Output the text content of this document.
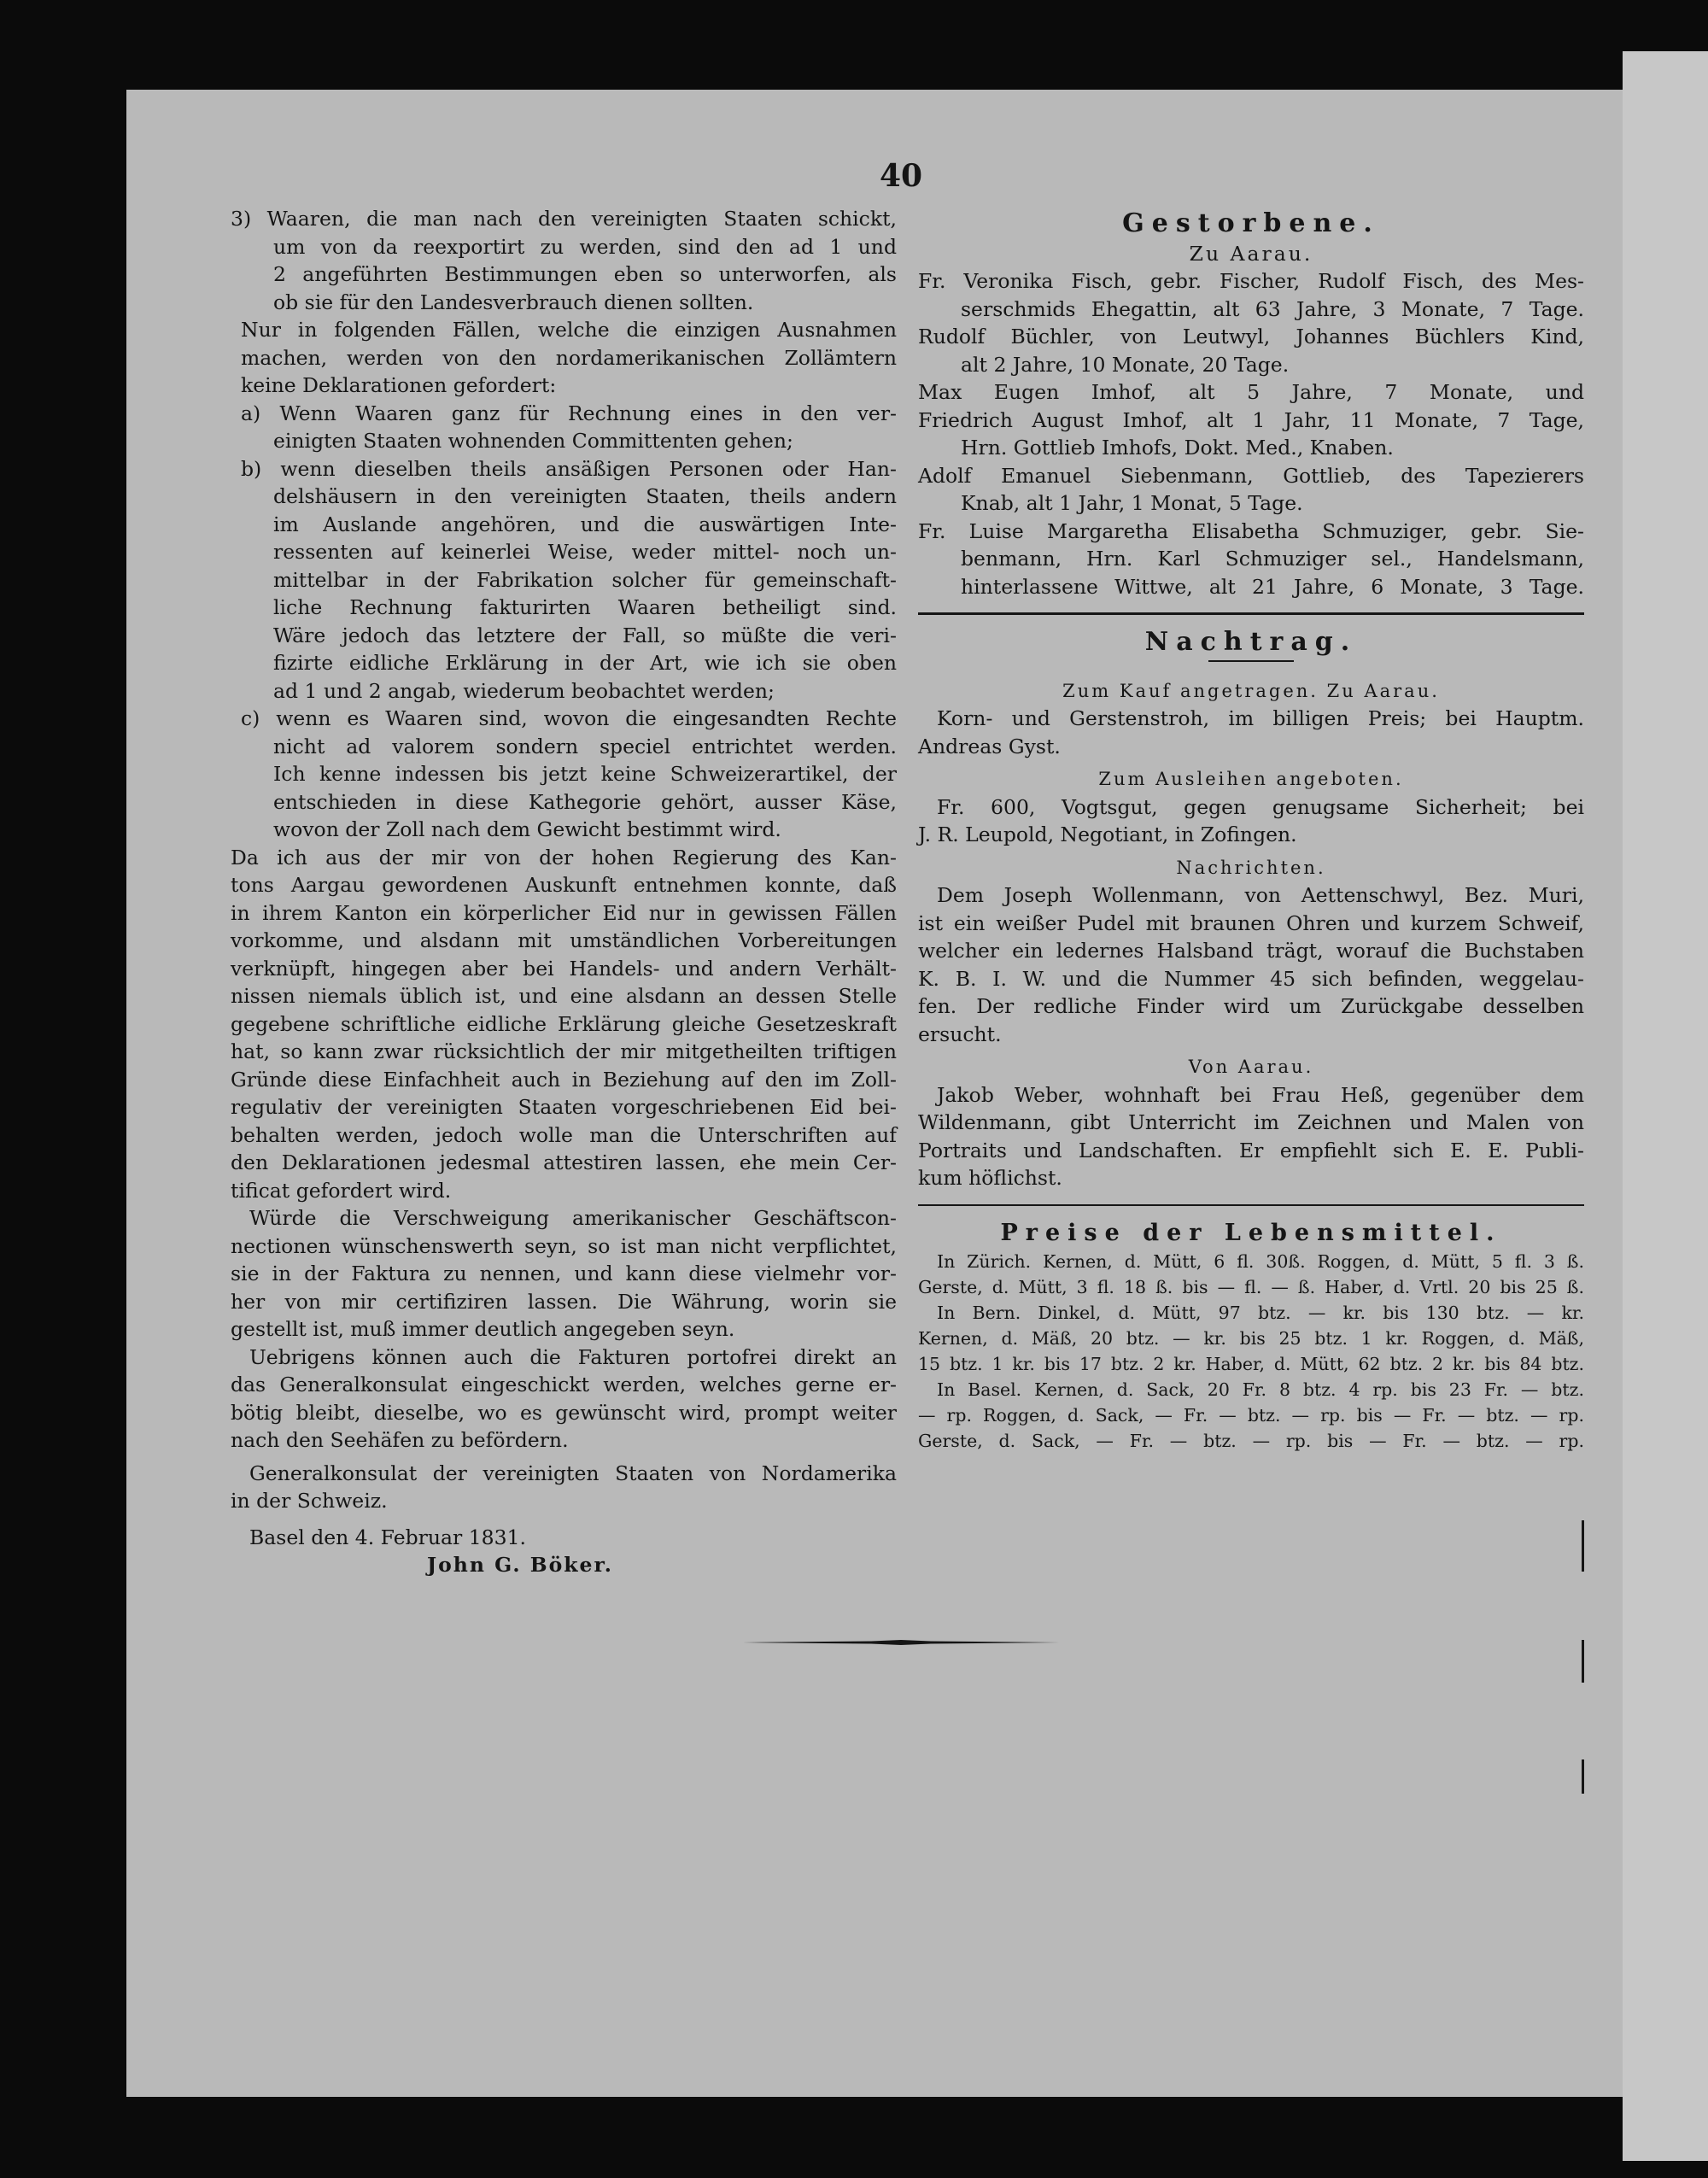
40

3) Waaren, die man nach den vereinigten Staaten schickt,

um von da reexportirt zu werden, sind den ad 1 und

2 angeführten Bestimmungen eben so unterworfen, als

ob sie für den Landesverbrauch dienen sollten.

Nur in folgenden Fällen, welche die einzigen Ausnahmen

machen, werden von den nordamerikanischen Zollämtern

keine Deklarationen gefordert:

a) Wenn Waaren ganz für Rechnung eines in den ver-

einigten Staaten wohnenden Committenten gehen;

b) wenn dieselben theils ansäßigen Personen oder Han-

delshäusern in den vereinigten Staaten, theils andern

im Auslande angehören, und die auswärtigen Inte-

ressenten auf keinerlei Weise, weder mittel- noch un-

mittelbar in der Fabrikation solcher für gemeinschaft-

liche Rechnung fakturirten Waaren betheiligt sind.

Wäre jedoch das letztere der Fall, so müßte die veri-

fizirte eidliche Erklärung in der Art, wie ich sie oben

ad 1 und 2 angab, wiederum beobachtet werden;

c) wenn es Waaren sind, wovon die eingesandten Rechte

nicht ad valorem sondern speciel entrichtet werden.

Ich kenne indessen bis jetzt keine Schweizerartikel, der

entschieden in diese Kathegorie gehört, ausser Käse,

wovon der Zoll nach dem Gewicht bestimmt wird.

Da ich aus der mir von der hohen Regierung des Kan-

tons Aargau gewordenen Auskunft entnehmen konnte, daß

in ihrem Kanton ein körperlicher Eid nur in gewissen Fällen

vorkomme, und alsdann mit umständlichen Vorbereitungen

verknüpft, hingegen aber bei Handels- und andern Verhält-

nissen niemals üblich ist, und eine alsdann an dessen Stelle

gegebene schriftliche eidliche Erklärung gleiche Gesetzeskraft

hat, so kann zwar rücksichtlich der mir mitgetheilten triftigen

Gründe diese Einfachheit auch in Beziehung auf den im Zoll-

regulativ der vereinigten Staaten vorgeschriebenen Eid bei-

behalten werden, jedoch wolle man die Unterschriften auf

den Deklarationen jedesmal attestiren lassen, ehe mein Cer-

tificat gefordert wird.

Würde die Verschweigung amerikanischer Geschäftscon-

nectionen wünschenswerth seyn, so ist man nicht verpflichtet,

sie in der Faktura zu nennen, und kann diese vielmehr vor-

her von mir certifiziren lassen. Die Währung, worin sie

gestellt ist, muß immer deutlich angegeben seyn.

Uebrigens können auch die Fakturen portofrei direkt an

das Generalkonsulat eingeschickt werden, welches gerne er-

bötig bleibt, dieselbe, wo es gewünscht wird, prompt weiter

nach den Seehäfen zu befördern.

Generalkonsulat der vereinigten Staaten von Nordamerika

in der Schweiz.

Basel den 4. Februar 1831.

John G. Böker.

Gestorbene.

Zu Aarau.

Fr. Veronika Fisch, gebr. Fischer, Rudolf Fisch, des Mes-

serschmids Ehegattin, alt 63 Jahre, 3 Monate, 7 Tage.

Rudolf Büchler, von Leutwyl, Johannes Büchlers Kind,

alt 2 Jahre, 10 Monate, 20 Tage.

Max Eugen Imhof, alt 5 Jahre, 7 Monate, und

Friedrich August Imhof, alt 1 Jahr, 11 Monate, 7 Tage,

Hrn. Gottlieb Imhofs, Dokt. Med., Knaben.

Adolf Emanuel Siebenmann, Gottlieb, des Tapezierers

Knab, alt 1 Jahr, 1 Monat, 5 Tage.

Fr. Luise Margaretha Elisabetha Schmuziger, gebr. Sie-

benmann, Hrn. Karl Schmuziger sel., Handelsmann,

hinterlassene Wittwe, alt 21 Jahre, 6 Monate, 3 Tage.

Nachtrag.

Zum Kauf angetragen. Zu Aarau.

Korn- und Gerstenstroh, im billigen Preis; bei Hauptm.

Andreas Gyst.

Zum Ausleihen angeboten.

Fr. 600, Vogtsgut, gegen genugsame Sicherheit; bei

J. R. Leupold, Negotiant, in Zofingen.

Nachrichten.

Dem Joseph Wollenmann, von Aettenschwyl, Bez. Muri,

ist ein weißer Pudel mit braunen Ohren und kurzem Schweif,

welcher ein ledernes Halsband trägt, worauf die Buchstaben

K. B. I. W. und die Nummer 45 sich befinden, weggelau-

fen. Der redliche Finder wird um Zurückgabe desselben

ersucht.

Von Aarau.

Jakob Weber, wohnhaft bei Frau Heß, gegenüber dem

Wildenmann, gibt Unterricht im Zeichnen und Malen von

Portraits und Landschaften. Er empfiehlt sich E. E. Publi-

kum höflichst.

Preise der Lebensmittel.

In Zürich. Kernen, d. Mütt, 6 fl. 30ß. Roggen, d. Mütt, 5 fl. 3 ß.

Gerste, d. Mütt, 3 fl. 18 ß. bis — fl. — ß. Haber, d. Vrtl. 20 bis 25 ß.

In Bern. Dinkel, d. Mütt, 97 btz. — kr. bis 130 btz. — kr.

Kernen, d. Mäß, 20 btz. — kr. bis 25 btz. 1 kr. Roggen, d. Mäß,

15 btz. 1 kr. bis 17 btz. 2 kr. Haber, d. Mütt, 62 btz. 2 kr. bis 84 btz.

In Basel. Kernen, d. Sack, 20 Fr. 8 btz. 4 rp. bis 23 Fr. — btz.

— rp. Roggen, d. Sack, — Fr. — btz. — rp. bis — Fr. — btz. — rp.

Gerste, d. Sack, — Fr. — btz. — rp. bis — Fr. — btz. — rp.
